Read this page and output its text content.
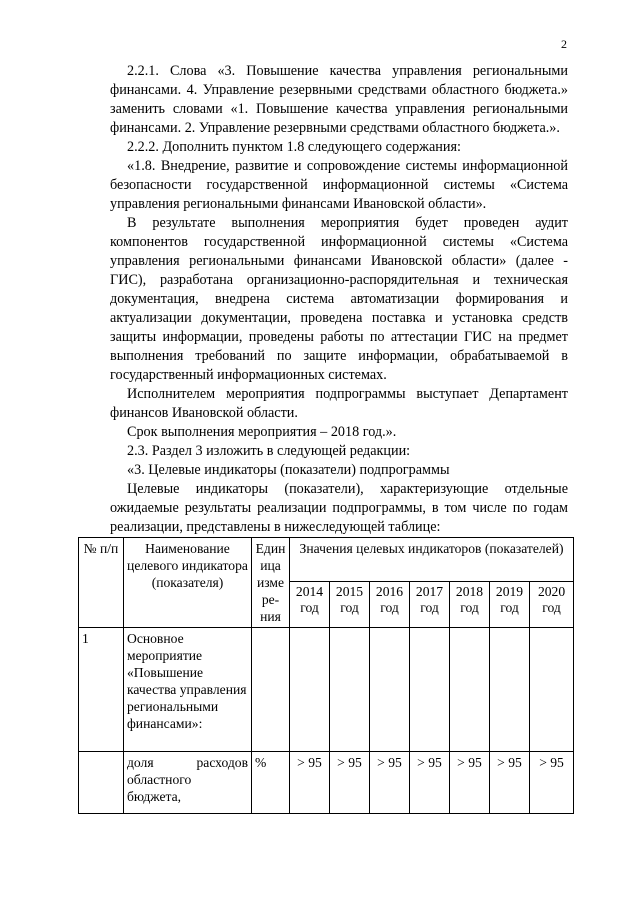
2

2.2.1. Слова «3. Повышение качества управления региональными финансами. 4. Управление резервными средствами областного бюджета.» заменить словами «1. Повышение качества управления региональными финансами. 2. Управление резервными средствами областного бюджета.».

2.2.2. Дополнить пунктом 1.8 следующего содержания:

«1.8. Внедрение, развитие и сопровождение системы информационной безопасности государственной информационной системы «Система управления региональными финансами Ивановской области».

В результате выполнения мероприятия будет проведен аудит компонентов государственной информационной системы «Система управления региональными финансами Ивановской области» (далее - ГИС), разработана организационно-распорядительная и техническая документация, внедрена система автоматизации формирования и актуализации документации, проведена поставка и установка средств защиты информации, проведены работы по аттестации ГИС на предмет выполнения требований по защите информации, обрабатываемой в государственный информационных системах.

Исполнителем мероприятия подпрограммы выступает Департамент финансов Ивановской области.

Срок выполнения мероприятия – 2018 год.».

2.3. Раздел 3 изложить в следующей редакции:

«3. Целевые индикаторы (показатели) подпрограммы

Целевые индикаторы (показатели), характеризующие отдельные ожидаемые результаты реализации подпрограммы, в том числе по годам реализации, представлены в нижеследующей таблице:

№ п/п	Наименование целевого индикатора (показателя)	Един ица изме ре- ния	Значения целевых индикаторов (показателей)						
			2014 год	2015 год	2016 год	2017 год	2018 год	2019 год	2020 год
1	Основное мероприятие «Повышение качества управления региональными финансами»:								
	доля расходов областного бюджета,	%	> 95	> 95	> 95	> 95	> 95	> 95	> 95
